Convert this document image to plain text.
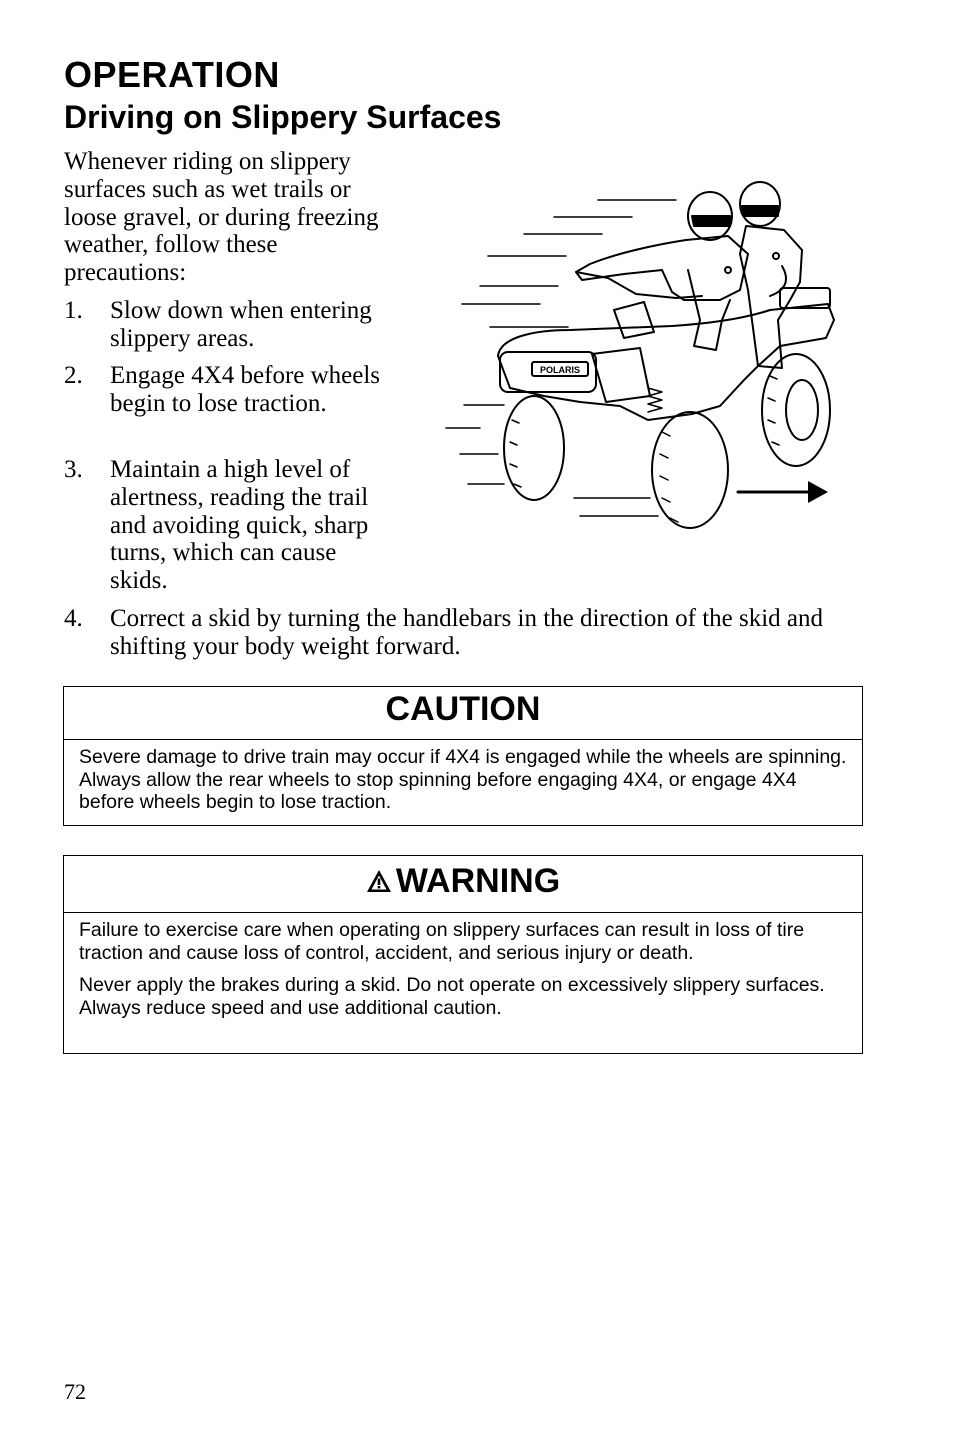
OPERATION
Driving on Slippery Surfaces

Whenever riding on slippery surfaces such as wet trails or loose gravel, or during freezing weather, follow these precautions:

1. Slow down when entering slippery areas.
2. Engage 4X4 before wheels begin to lose traction.
3. Maintain a high level of alertness, reading the trail and avoiding quick, sharp turns, which can cause skids.
4. Correct a skid by turning the handlebars in the direction of the skid and shifting your body weight forward.
POLARIS
CAUTION

Severe damage to drive train may occur if 4X4 is engaged while the wheels are spinning. Always allow the rear wheels to stop spinning before engaging 4X4, or engage 4X4 before wheels begin to lose traction.

WARNING

Failure to exercise care when operating on slippery surfaces can result in loss of tire traction and cause loss of control, accident, and serious injury or death.

Never apply the brakes during a skid. Do not operate on excessively slippery surfaces. Always reduce speed and use additional caution.

72
